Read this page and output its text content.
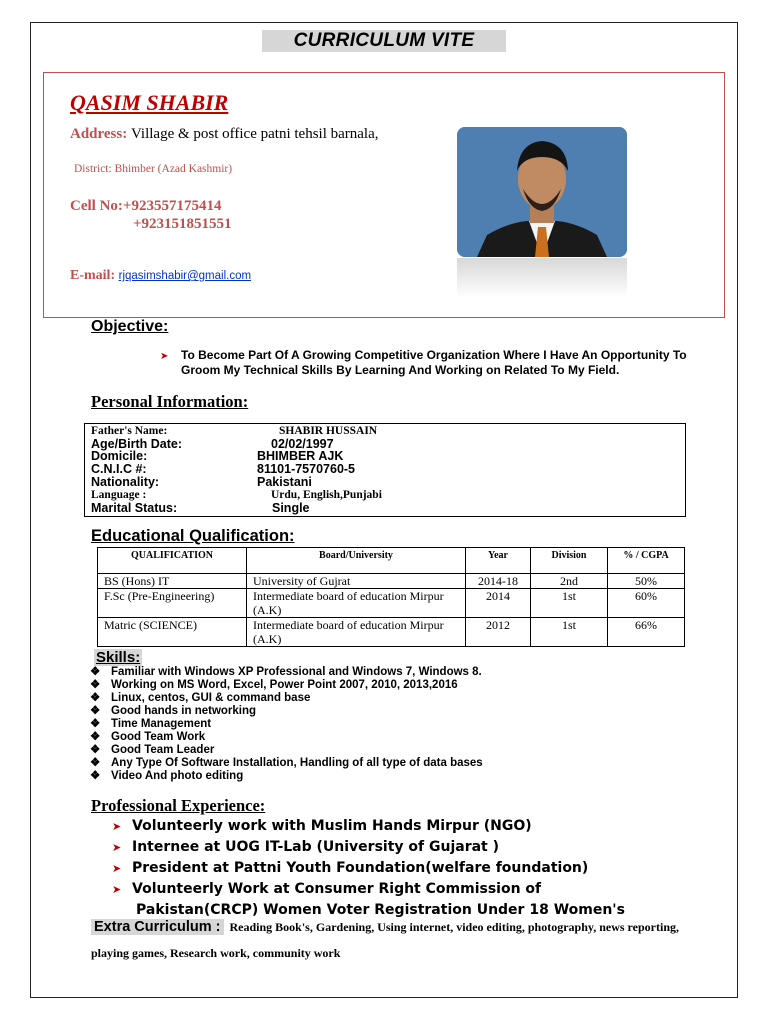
CURRICULUM VITE
QASIM SHABIR
Address: Village & post office patni tehsil barnala,
District: Bhimber (Azad Kashmir)
Cell No:+923557175414
+923151851551
E-mail: rjqasimshabir@gmail.com
Objective:
➤ To Become Part Of A Growing Competitive Organization Where I Have An Opportunity To Groom My Technical Skills By Learning And Working on Related To My Field.
Personal Information:
Father's Name:	SHABIR HUSSAIN
Age/Birth Date:	02/02/1997
Domicile:	BHIMBER AJK
C.N.I.C #:	81101-7570760-5
Nationality:	Pakistani
Language :	Urdu, English,Punjabi
Marital Status:	Single
Educational Qualification:
QUALIFICATION	Board/University	Year	Division	% / CGPA
BS (Hons) IT	University of Gujrat	2014-18	2nd	50%
F.Sc (Pre-Engineering)	Intermediate board of education Mirpur (A.K)	2014	1st	60%
Matric (SCIENCE)	Intermediate board of education Mirpur (A.K)	2012	1st	66%
Skills:
❖ Familiar with Windows XP Professional and Windows 7, Windows 8.
❖ Working on MS Word, Excel, Power Point 2007, 2010, 2013,2016
❖ Linux, centos, GUI & command base
❖ Good hands in networking
❖ Time Management
❖ Good Team Work
❖ Good Team Leader
❖ Any Type Of Software Installation, Handling of all type of data bases
❖ Video And photo editing
Professional Experience:
➤ Volunteerly work with Muslim Hands Mirpur (NGO)
➤ Internee at UOG IT-Lab (University of Gujarat )
➤ President at Pattni Youth Foundation(welfare foundation)
➤ Volunteerly Work at Consumer Right Commission of
Pakistan(CRCP) Women Voter Registration Under 18 Women's
Extra Curriculum : Reading Book's, Gardening, Using internet, video editing, photography, news reporting, playing games, Research work, community work
